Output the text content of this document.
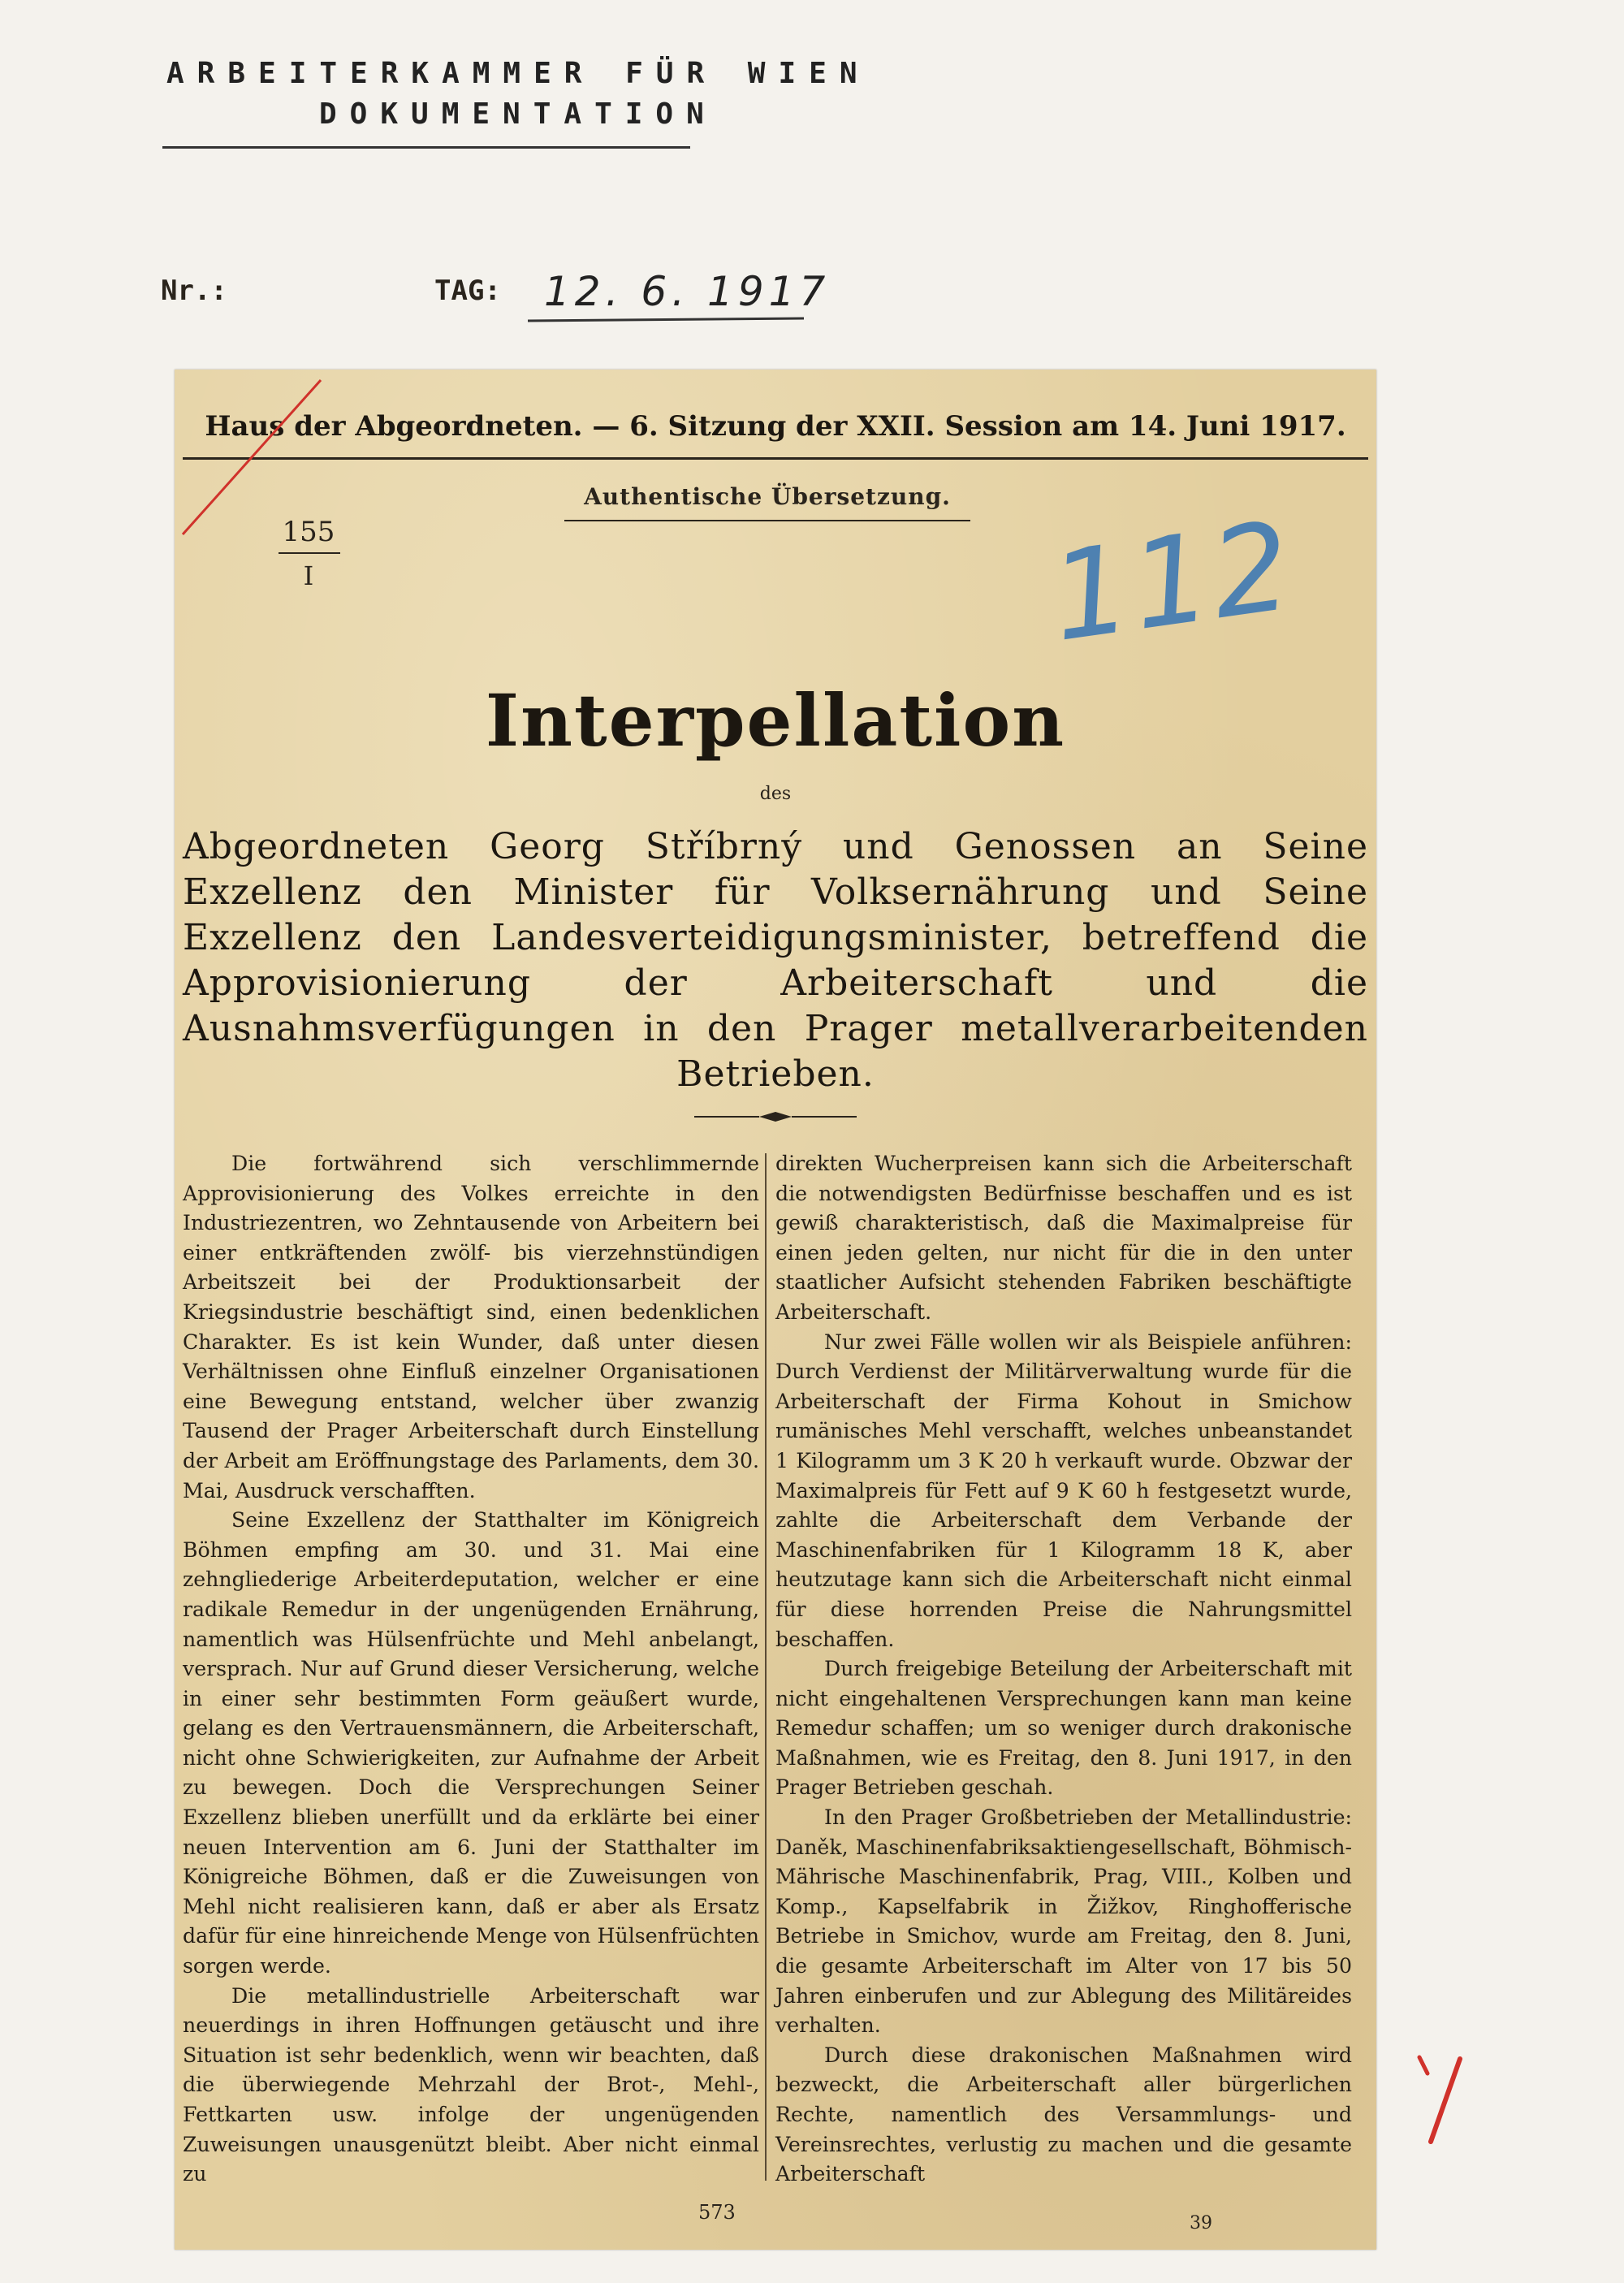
ARBEITERKAMMER FÜR WIEN
DOKUMENTATION
Nr.:	TAG: 12. 6. 1917
Haus der Abgeordneten. — 6. Sitzung der XXII. Session am 14. Juni 1917.
Authentische Übersetzung.
155
I	112
Interpellation
des
Abgeordneten Georg Stříbrný und Genossen an Seine Exzellenz den Minister für Volksernährung und Seine Exzellenz den Landesverteidigungsminister, betreffend die Approvisionierung der Arbeiterschaft und die Ausnahmsverfügungen in den Prager metallverarbeitenden Betrieben.

Die fortwährend sich verschlimmernde Approvisionierung des Volkes erreichte in den Industriezentren, wo Zehntausende von Arbeitern bei einer entkräftenden zwölf- bis vierzehnstündigen Arbeitszeit bei der Produktionsarbeit der Kriegsindustrie beschäftigt sind, einen bedenklichen Charakter. Es ist kein Wunder, daß unter diesen Verhältnissen ohne Einfluß einzelner Organisationen eine Bewegung entstand, welcher über zwanzig Tausend der Prager Arbeiterschaft durch Einstellung der Arbeit am Eröffnungstage des Parlaments, dem 30. Mai, Ausdruck verschafften.

Seine Exzellenz der Statthalter im Königreich Böhmen empfing am 30. und 31. Mai eine zehngliederige Arbeiterdeputation, welcher er eine radikale Remedur in der ungenügenden Ernährung, namentlich was Hülsenfrüchte und Mehl anbelangt, versprach. Nur auf Grund dieser Versicherung, welche in einer sehr bestimmten Form geäußert wurde, gelang es den Vertrauensmännern, die Arbeiterschaft, nicht ohne Schwierigkeiten, zur Aufnahme der Arbeit zu bewegen. Doch die Versprechungen Seiner Exzellenz blieben unerfüllt und da erklärte bei einer neuen Intervention am 6. Juni der Statthalter im Königreiche Böhmen, daß er die Zuweisungen von Mehl nicht realisieren kann, daß er aber als Ersatz dafür für eine hinreichende Menge von Hülsenfrüchten sorgen werde.

Die metallindustrielle Arbeiterschaft war neuerdings in ihren Hoffnungen getäuscht und ihre Situation ist sehr bedenklich, wenn wir beachten, daß die überwiegende Mehrzahl der Brot-, Mehl-, Fettkarten usw. infolge der ungenügenden Zuweisungen unausgenützt bleibt. Aber nicht einmal zu

direkten Wucherpreisen kann sich die Arbeiterschaft die notwendigsten Bedürfnisse beschaffen und es ist gewiß charakteristisch, daß die Maximalpreise für einen jeden gelten, nur nicht für die in den unter staatlicher Aufsicht stehenden Fabriken beschäftigte Arbeiterschaft.

Nur zwei Fälle wollen wir als Beispiele anführen: Durch Verdienst der Militärverwaltung wurde für die Arbeiterschaft der Firma Kohout in Smichow rumänisches Mehl verschafft, welches unbeanstandet 1 Kilogramm um 3 K 20 h verkauft wurde. Obzwar der Maximalpreis für Fett auf 9 K 60 h festgesetzt wurde, zahlte die Arbeiterschaft dem Verbande der Maschinenfabriken für 1 Kilogramm 18 K, aber heutzutage kann sich die Arbeiterschaft nicht einmal für diese horrenden Preise die Nahrungsmittel beschaffen.

Durch freigebige Beteilung der Arbeiterschaft mit nicht eingehaltenen Versprechungen kann man keine Remedur schaffen; um so weniger durch drakonische Maßnahmen, wie es Freitag, den 8. Juni 1917, in den Prager Betrieben geschah.

In den Prager Großbetrieben der Metallindustrie: Daněk, Maschinenfabriksaktiengesellschaft, Böhmisch-Mährische Maschinenfabrik, Prag, VIII., Kolben und Komp., Kapselfabrik in Žižkov, Ringhofferische Betriebe in Smichov, wurde am Freitag, den 8. Juni, die gesamte Arbeiterschaft im Alter von 17 bis 50 Jahren einberufen und zur Ablegung des Militäreides verhalten.

Durch diese drakonischen Maßnahmen wird bezweckt, die Arbeiterschaft aller bürgerlichen Rechte, namentlich des Versammlungs- und Vereinsrechtes, verlustig zu machen und die gesamte Arbeiterschaft

573	39
